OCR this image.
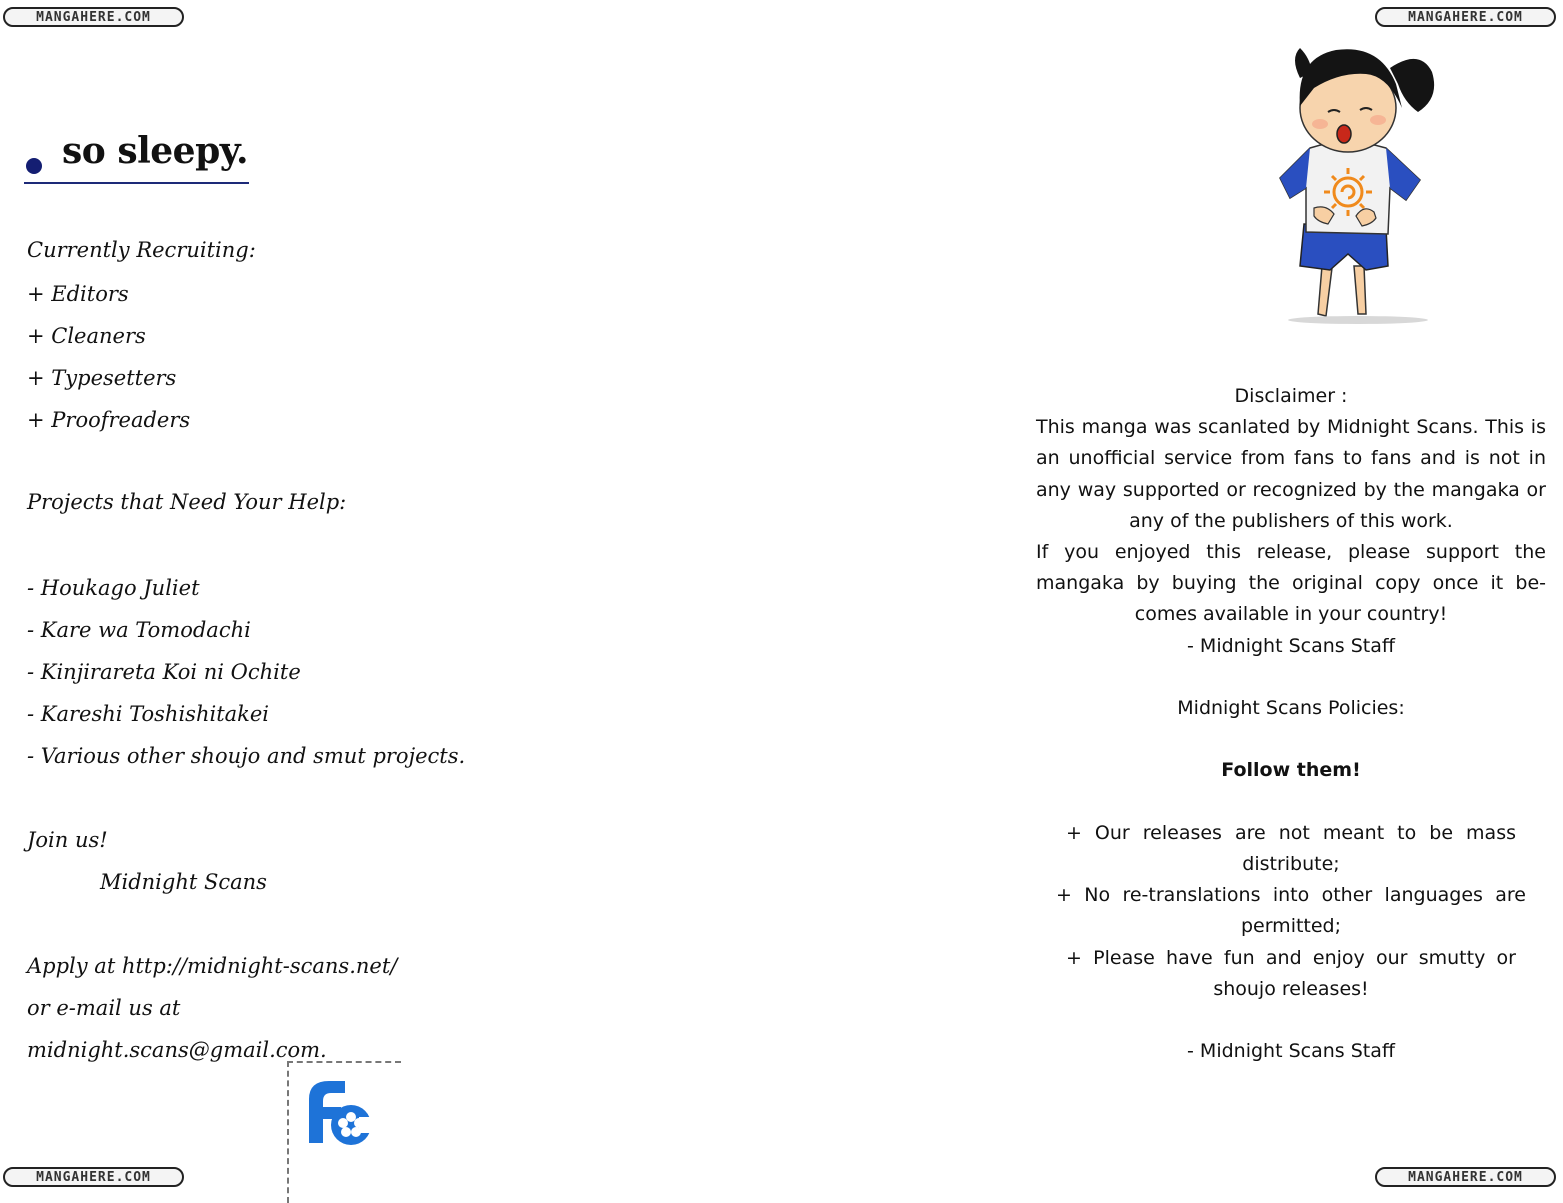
MANGAHERE.COM	MANGAHERE.COM
MANGAHERE.COM	MANGAHERE.COM
so sleepy.
Currently Recruiting:
+ Editors
+ Cleaners
+ Typesetters
+ Proofreaders
Projects that Need Your Help:
- Houkago Juliet
- Kare wa Tomodachi
- Kinjirareta Koi ni Ochite
- Kareshi Toshishitakei
- Various other shoujo and smut projects.
Join us!
Midnight Scans
Apply at http://midnight-scans.net/
or e-mail us at
midnight.scans@gmail.com.

Disclaimer :

This manga was scanlated by Midnight Scans. This is an unofficial service from fans to fans and is not in any way supported or recognized by the mangaka or any of the publishers of this work.

If you enjoyed this release, please support the mangaka by buying the original copy once it be-comes available in your country!

- Midnight Scans Staff

Midnight Scans Policies:

Follow them!

+ Our releases are not meant to be mass distribute;

+ No re-translations into other languages are permitted;

+ Please have fun and enjoy our smutty or shoujo releases!

- Midnight Scans Staff
